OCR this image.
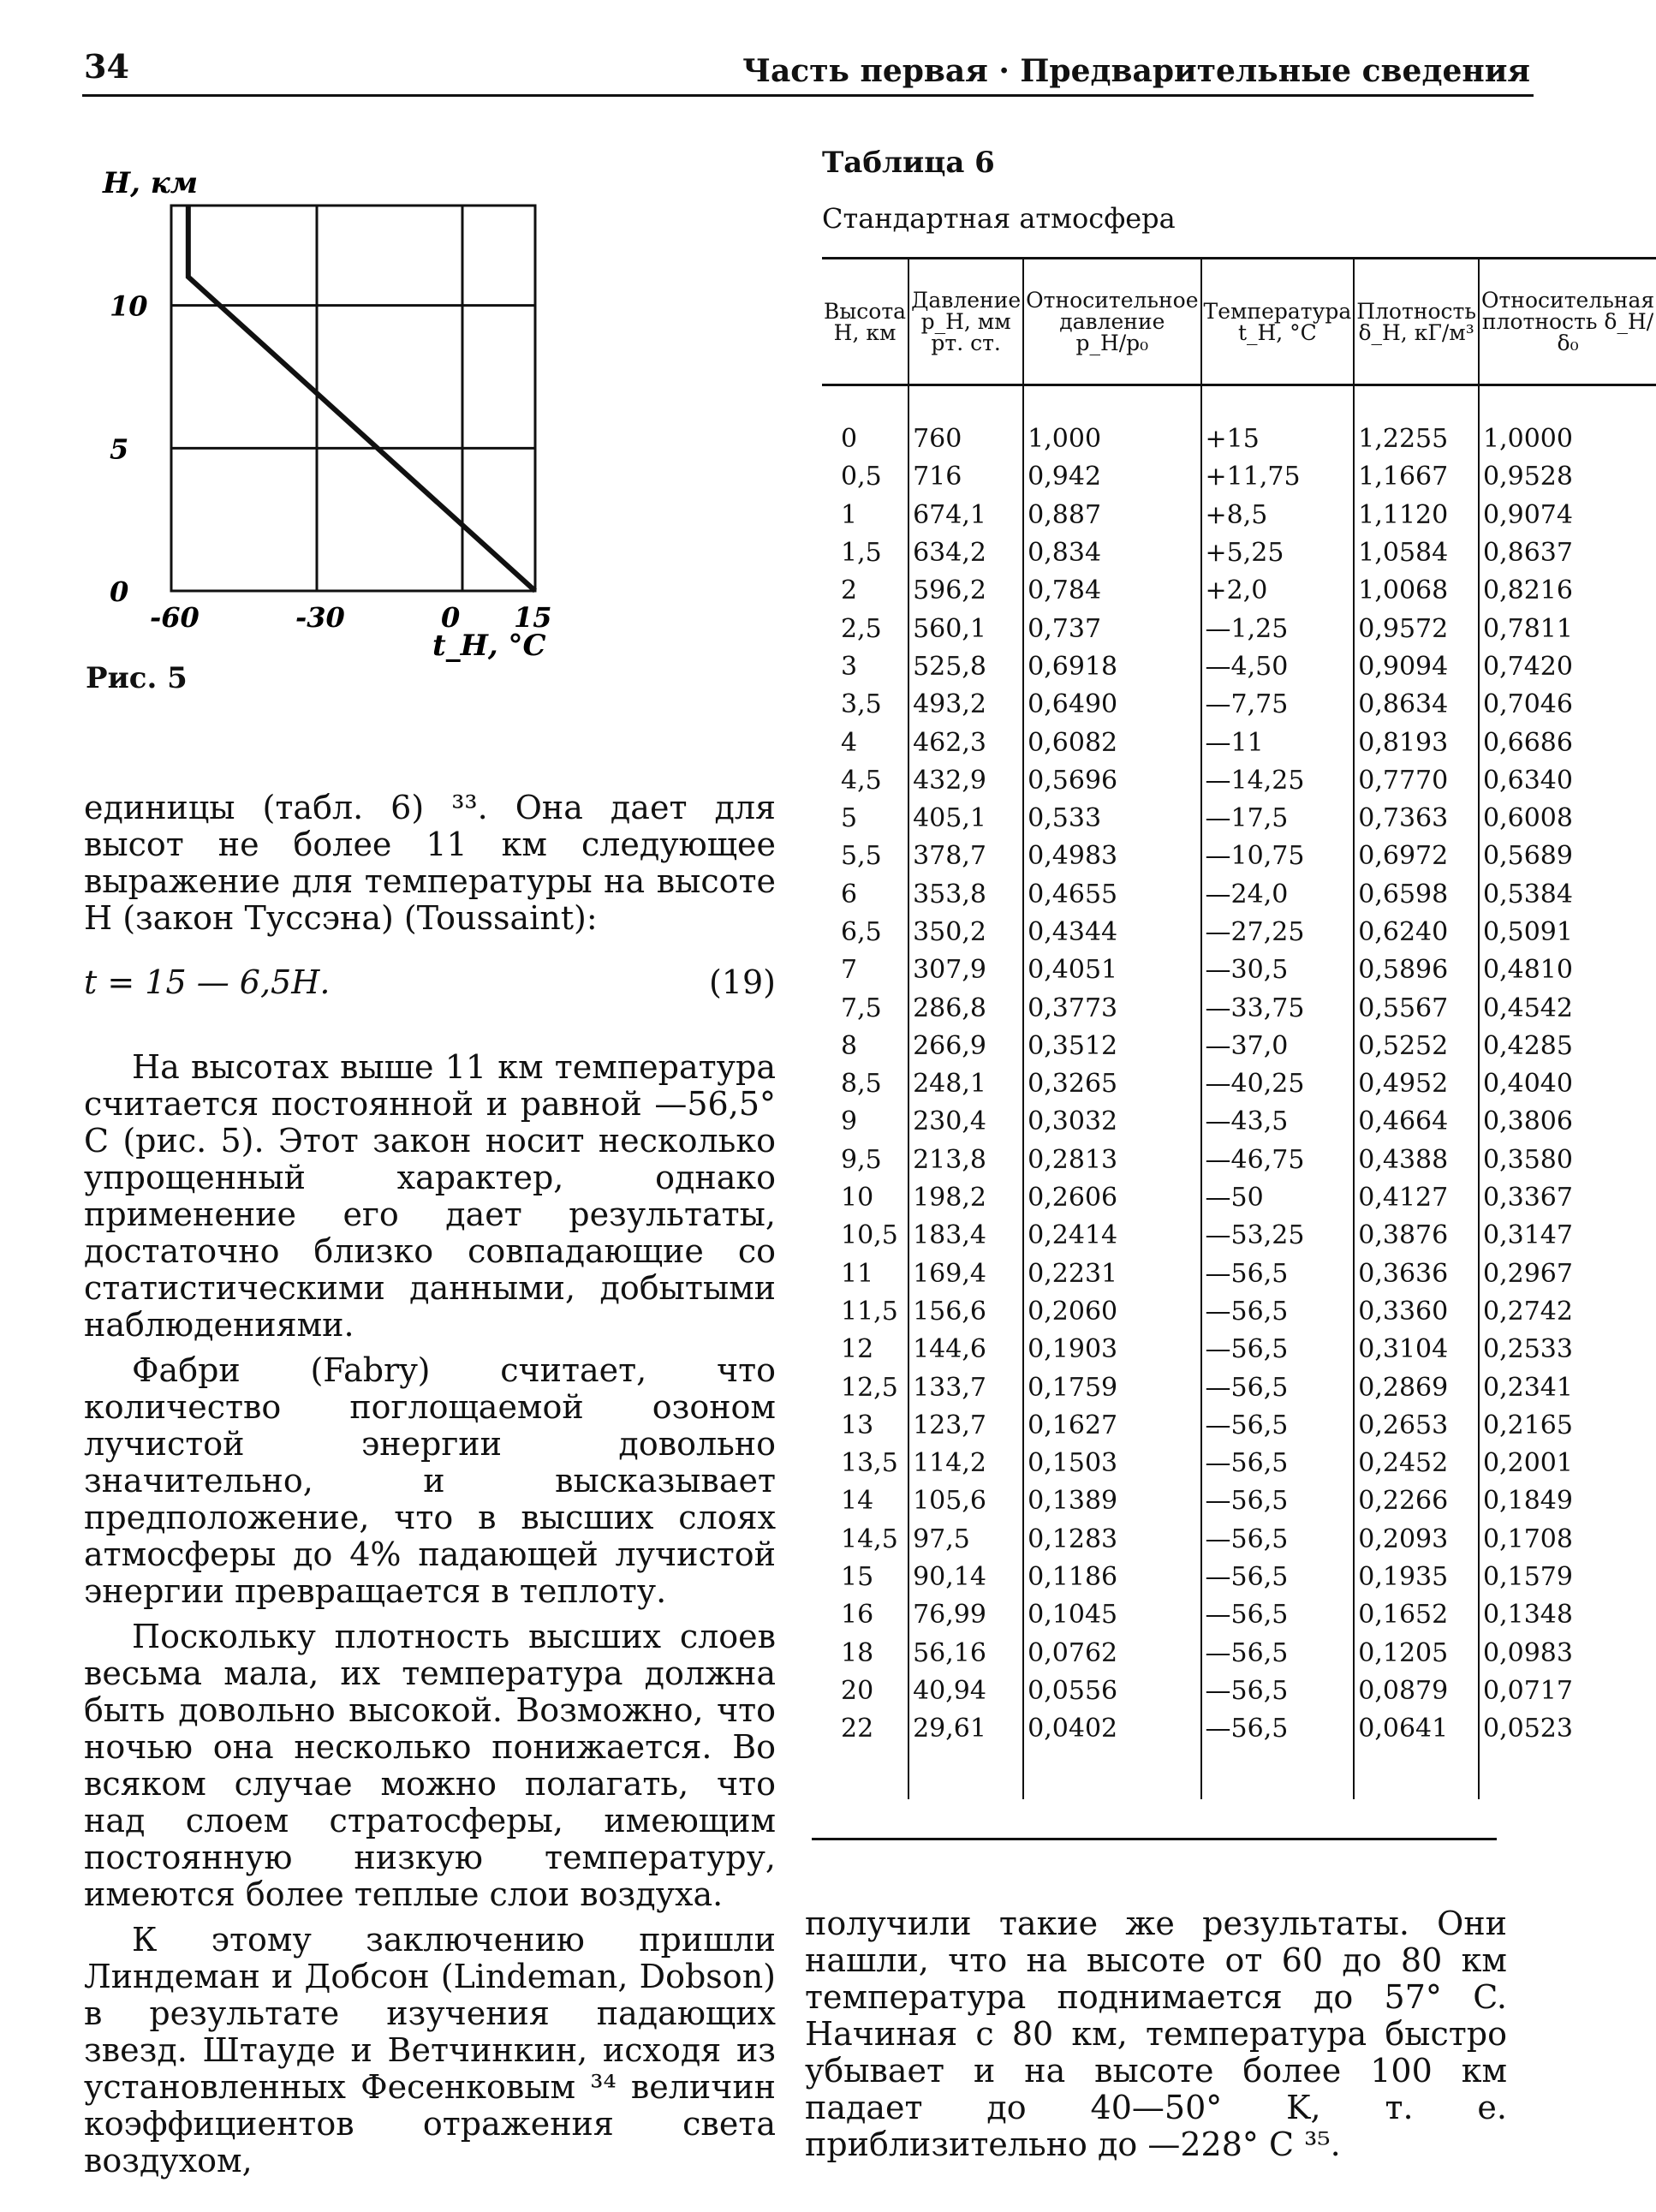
34	Часть первая · Предварительные сведения
H, км
10
5
0
-60	-30	0 15
t_H, °C
Рис. 5

единицы (табл. 6) ³³. Она дает для высот не более 11 км следующее выражение для температуры на высоте H (закон Туссэна) (Toussaint):

t = 15 — 6,5H.	(19)

На высотах выше 11 км температура считается постоянной и равной —56,5° C (рис. 5). Этот закон носит несколько упрощенный характер, однако применение его дает результаты, достаточно близко совпадающие со статистическими данными, добытыми наблюдениями.

Фабри (Fabry) считает, что количество поглощаемой озоном лучистой энергии довольно значительно, и высказывает предположение, что в высших слоях атмосферы до 4% падающей лучистой энергии превращается в теплоту.

Поскольку плотность высших слоев весьма мала, их температура должна быть довольно высокой. Возможно, что ночью она несколько понижается. Во всяком случае можно полагать, что над слоем стратосферы, имеющим постоянную низкую температуру, имеются более теплые слои воздуха.

К этому заключению пришли Линдеман и Добсон (Lindeman, Dobson) в результате изучения падающих звезд. Штауде и Ветчинкин, исходя из установленных Фесенковым ³⁴ величин коэффициентов отражения света воздухом,

Таблица 6
Стандартная атмосфера
Высота H, км	Давление p_H, мм рт. ст.	Относительное давление p_H/p₀	Температура t_H, °C	Плотность δ_H, кГ/м³	Относительная плотность δ_H/δ₀
0	760	1,000	+15	1,2255	1,0000
0,5	716	0,942	+11,75	1,1667	0,9528
1	674,1	0,887	+8,5	1,1120	0,9074
1,5	634,2	0,834	+5,25	1,0584	0,8637
2	596,2	0,784	+2,0	1,0068	0,8216
2,5	560,1	0,737	—1,25	0,9572	0,7811
3	525,8	0,6918	—4,50	0,9094	0,7420
3,5	493,2	0,6490	—7,75	0,8634	0,7046
4	462,3	0,6082	—11	0,8193	0,6686
4,5	432,9	0,5696	—14,25	0,7770	0,6340
5	405,1	0,533	—17,5	0,7363	0,6008
5,5	378,7	0,4983	—10,75	0,6972	0,5689
6	353,8	0,4655	—24,0	0,6598	0,5384
6,5	350,2	0,4344	—27,25	0,6240	0,5091
7	307,9	0,4051	—30,5	0,5896	0,4810
7,5	286,8	0,3773	—33,75	0,5567	0,4542
8	266,9	0,3512	—37,0	0,5252	0,4285
8,5	248,1	0,3265	—40,25	0,4952	0,4040
9	230,4	0,3032	—43,5	0,4664	0,3806
9,5	213,8	0,2813	—46,75	0,4388	0,3580
10	198,2	0,2606	—50	0,4127	0,3367
10,5	183,4	0,2414	—53,25	0,3876	0,3147
11	169,4	0,2231	—56,5	0,3636	0,2967
11,5	156,6	0,2060	—56,5	0,3360	0,2742
12	144,6	0,1903	—56,5	0,3104	0,2533
12,5	133,7	0,1759	—56,5	0,2869	0,2341
13	123,7	0,1627	—56,5	0,2653	0,2165
13,5	114,2	0,1503	—56,5	0,2452	0,2001
14	105,6	0,1389	—56,5	0,2266	0,1849
14,5	97,5	0,1283	—56,5	0,2093	0,1708
15	90,14	0,1186	—56,5	0,1935	0,1579
16	76,99	0,1045	—56,5	0,1652	0,1348
18	56,16	0,0762	—56,5	0,1205	0,0983
20	40,94	0,0556	—56,5	0,0879	0,0717
22	29,61	0,0402	—56,5	0,0641	0,0523

получили такие же результаты. Они нашли, что на высоте от 60 до 80 км температура поднимается до 57° C. Начиная с 80 км, температура быстро убывает и на высоте более 100 км падает до 40—50° K, т. е. приблизительно до —228° C ³⁵.
